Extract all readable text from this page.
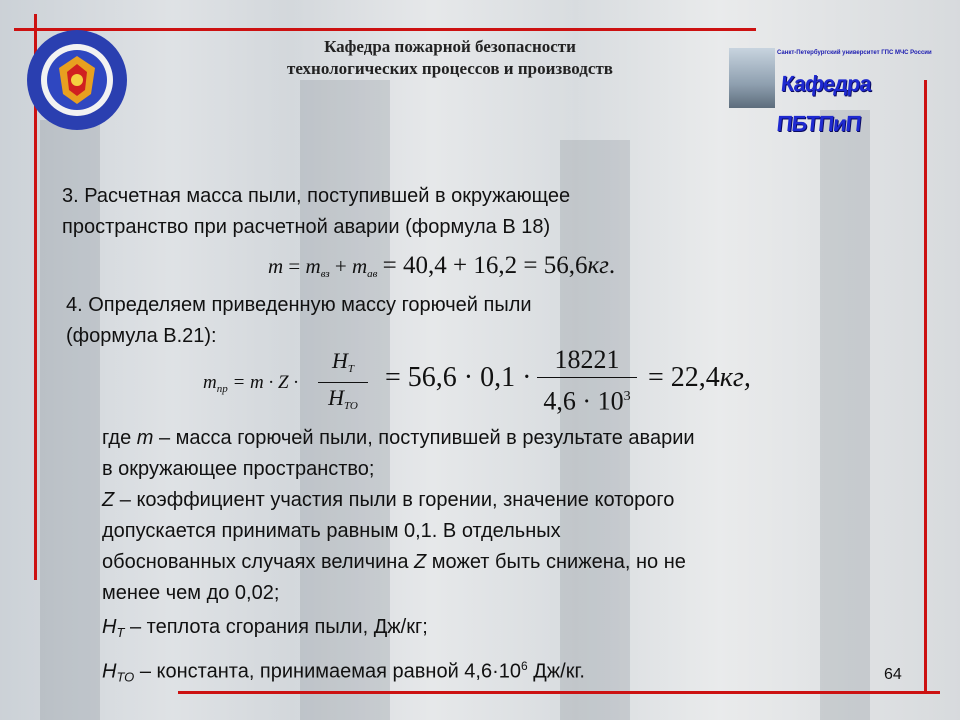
Кафедра пожарной безопасности
технологических процессов и производств
Санкт-Петербургский университет ГПС МЧС России
Кафедра ПБТПиП
3. Расчетная масса пыли, поступившей в окружающее
пространство при расчетной аварии (формула В 18)
$m = m_{вз} + m_{ав} = 40,4 + 16,2 = 56,6кг$.
4. Определяем приведенную массу горючей пыли
(формула В.21):
$m_{пр} = m \cdot Z$ ·
$H_T$
$H_{TO}$
= $56,6 \cdot 0,1 \cdot \frac{18221}{4,6 \cdot 10^3} = 22,4кг$,
где m – масса горючей пыли, поступившей в результате аварии
в окружающее пространство;
Z – коэффициент участия пыли в горении, значение которого
допускается принимать равным 0,1. В отдельных
обоснованных случаях величина Z может быть снижена, но не
менее чем до 0,02;
$H_T$ – теплота сгорания пыли, Дж/кг;
$H_{TO}$ – константа, принимаемая равной $4,6\cdot 10^6$ Дж/кг.	64
